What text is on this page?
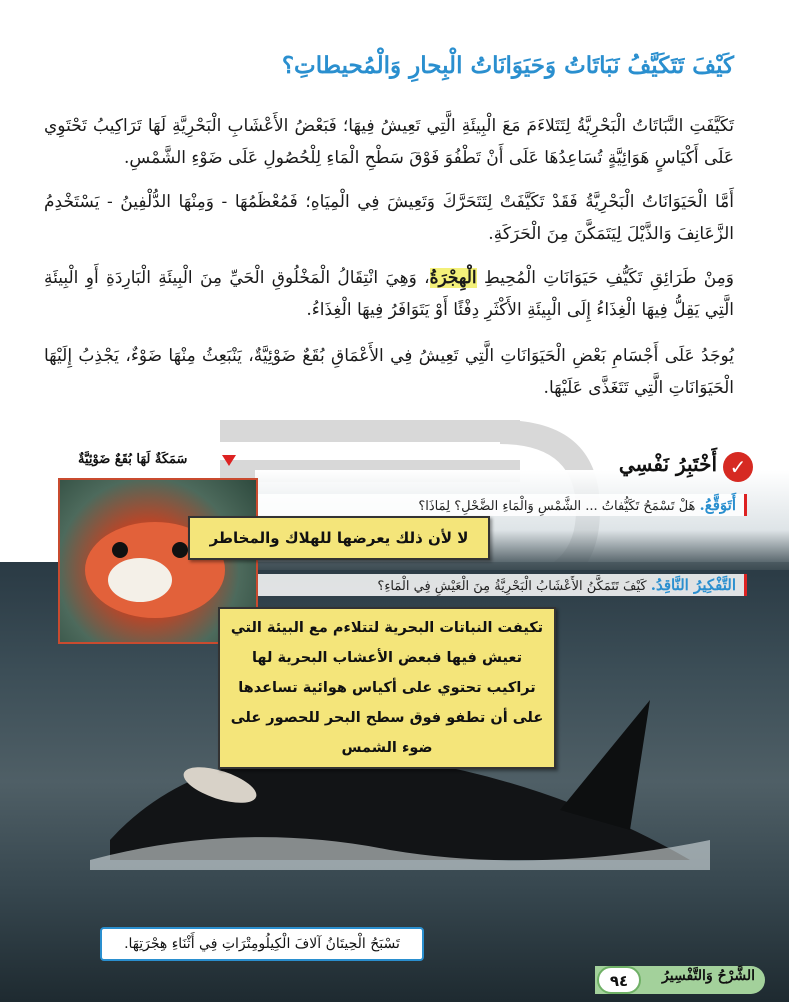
كَيْفَ تَتَكَيَّفُ نَبَاتَاتُ وَحَيَوَانَاتُ الْبِحارِ وَالْمُحيطاتِ؟
تَكَيَّفَتِ النَّبَاتَاتُ الْبَحْرِيَّةُ لِتَتَلاءَمَ مَعَ الْبِيئَةِ الَّتِي تَعِيشُ فِيهَا؛ فَبَعْضُ الأَعْشَابِ الْبَحْرِيَّةِ لَهَا تَرَاكِيبُ تَحْتَوِي عَلَى أَكْيَاسٍ هَوَائِيَّةٍ تُسَاعِدُهَا عَلَى أَنْ تَطْفُوَ فَوْقَ سَطْحِ الْمَاءِ لِلْحُصُولِ عَلَى ضَوْءِ الشَّمْسِ.
أَمَّا الْحَيَوَانَاتُ الْبَحْرِيَّةُ فَقَدْ تَكَيَّفَتْ لِتَتَحَرَّكَ وَتَعِيشَ فِي الْمِيَاهِ؛ فَمُعْظَمُهَا - وَمِنْهَا الدُّلْفِينُ - يَسْتَخْدِمُ الزَّعَانِفَ وَالذَّيْلَ لِيَتَمَكَّنَ مِنَ الْحَرَكَةِ.
وَمِنْ طَرَائِقِ تَكَيُّفِ حَيَوَانَاتِ الْمُحِيطِ الْهِجْرَةُ، وَهِيَ انْتِقَالُ الْمَخْلُوقِ الْحَيِّ مِنَ الْبِيئَةِ الْبَارِدَةِ أَوِ الْبِيئَةِ الَّتِي يَقِلُّ فِيهَا الْغِذَاءُ إِلَى الْبِيئَةِ الأَكْثَرِ دِفْئًا أَوْ يَتَوَافَرُ فِيهَا الْغِذَاءُ.
يُوجَدُ عَلَى أَجْسَامِ بَعْضِ الْحَيَوَانَاتِ الَّتِي تَعِيشُ فِي الأَعْمَاقِ بُقَعٌ ضَوْئِيَّةٌ، يَنْبَعِثُ مِنْهَا ضَوْءٌ، يَجْذِبُ إِلَيْهَا الْحَيَوَانَاتِ الَّتِي تَتَغَذَّى عَلَيْهَا.
سَمَكَةٌ لَهَا بُقَعٌ ضَوْئِيَّةٌ	✓
أَخْتَبِرُ نَفْسِي
أَتَوَقَّعُ. هَلْ تَسْمَحُ تَكَيُّفاتُ ... الشَّمْسِ وَالْمَاءِ الضَّحْلِ؟ لِمَاذَا؟
التَّفْكِيرُ النَّاقِدُ. كَيْفَ تَتَمَكَّنُ الأَعْشَابُ الْبَحْرِيَّةُ مِنَ الْعَيْشِ فِي الْمَاءِ؟
لا لأن ذلك يعرضها للهلاك والمخاطر
تكيفت النباتات البحرية لتتلاءم مع البيئة التي تعيش فيها فبعض الأعشاب البحرية لها تراكيب تحتوي على أكياس هوائية تساعدها على أن تطفو فوق سطح البحر للحصور على ضوء الشمس
تَسْبَحُ الْحِيتَانُ آلافَ الْكِيلُومِتْرَاتِ فِي أَثْنَاءِ هِجْرَتِهَا.
الشَّرْحُ وَالتَّفْسِيرُ
٩٤
